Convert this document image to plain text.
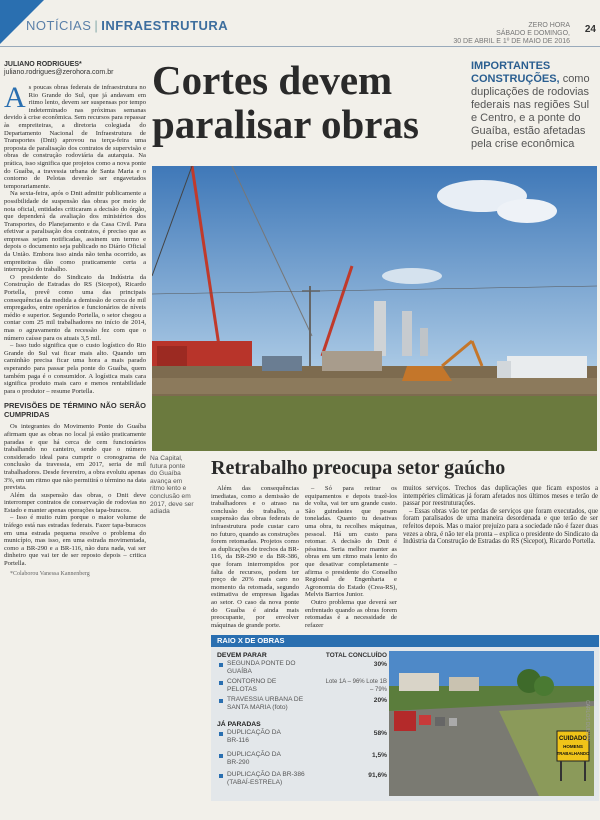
NOTÍCIAS | INFRAESTRUTURA	ZERO HORA
SÁBADO E DOMINGO,
30 DE ABRIL E 1º DE MAIO DE 2016
24
JULIANO RODRIGUES*
juliano.rodrigues@zerohora.com.br Cortes devem paralisar obras
IMPORTANTES CONSTRUÇÕES, como duplicações de rodovias federais nas regiões Sul e Centro, e a ponte do Guaíba, estão afetadas pela crise econômica
A s poucas obras federais de infraestrutura no Rio Grande do Sul, que já andavam em ritmo lento, devem ser suspensas por tempo indeterminado nas próximas semanas devido à crise econômica. Sem recursos para repassar às empreiteiras, a diretoria colegiada do Departamento Nacional de Infraestrutura de Transportes (Dnit) aprovou na terça-feira uma proposta de paralisação dos contratos de supervisão e obras de construção rodoviária da autarquia. Na prática, isso significa que projetos como a nova ponte do Guaíba, a travessia urbana de Santa Maria e o contorno de Pelotas deverão ser engavetados temporariamente.

Na sexta-feira, após o Dnit admitir publicamente a possibilidade de suspensão das obras por meio de nota oficial, entidades criticaram a decisão do órgão, que dependerá da avaliação dos ministérios dos Transportes, do Planejamento e da Casa Civil. Para efetivar a paralisação dos contratos, é preciso que as empresas sejam notificadas, assinem um termo e depois o documento seja publicado no Diário Oficial da União. Embora isso ainda não tenha ocorrido, as empreiteiras dão como praticamente certa a interrupção do trabalho.

O presidente do Sindicato da Indústria da Construção de Estradas do RS (Sicepot), Ricardo Portella, prevê como uma das principais consequências da medida a demissão de cerca de mil empregados, entre operários e funcionários de níveis médio e superior. Segundo Portella, o setor chegou a contar com 25 mil trabalhadores no início de 2014, mas o agravamento da recessão fez com que o número caísse para os atuais 3,5 mil.

– Isso tudo significa que o custo logístico do Rio Grande do Sul vai ficar mais alto. Quando um caminhão precisa ficar uma hora a mais parado esperando para passar pela ponte do Guaíba, quem também paga é o consumidor. A logística mais cara significa produto mais caro e menos rentabilidade para o produtor – resume Portella.

PREVISÕES DE TÉRMINO NÃO SERÃO CUMPRIDAS

Os integrantes do Movimento Ponte do Guaíba afirmam que as obras no local já estão praticamente paradas e que há cerca de cem funcionários trabalhando no canteiro, sendo que o número considerado ideal para cumprir o cronograma de conclusão da travessia, em 2017, seria de mil trabalhadores. Desde fevereiro, a obra evoluiu apenas 3%, em um ritmo que não permitirá o término na data prevista.

Além da suspensão das obras, o Dnit deve interromper contratos de conservação de rodovias no Estado e manter apenas operações tapa-buracos.

– Isso é muito ruim porque o maior volume de tráfego está nas estradas federais. Fazer tapa-buracos em uma estrada pequena resolve o problema do município, mas isso, em uma estrada movimentada, como a BR-290 e a BR-116, não dura nada, vai ser dinheiro que vai ter de ser reposto depois – critica Portella.

*Colaborou Vanessa Kannenberg

Na Capital, futura ponte do Guaíba avança em ritmo lento e conclusão em 2017, deve ser adiada
Retrabalho preocupa setor gaúcho

Além das consequências imediatas, como a demissão de trabalhadores e o atraso na conclusão do trabalho, a suspensão das obras federais de infraestrutura pode custar caro no futuro, quando as construções forem retomadas. Projetos como as duplicações de trechos da BR-116, da BR-290 e da BR-386, que foram interrompidos por falta de recursos, podem ter preço de 20% mais caro no momento da retomada, segundo estimativa de empresas ligadas ao setor. O caso da nova ponte do Guaíba é ainda mais preocupante, por envolver máquinas de grande porte.

– Só para retirar os equipamentos e depois trazê-los de volta, vai ter um grande custo. São guindastes que pesam toneladas. Quanto tu desativas uma obra, tu recolhes máquinas, pessoal. Há um custo para retomar. A decisão do Dnit é péssima. Seria melhor manter as obras em um ritmo mais lento do que desativar completamente – afirma o presidente do Conselho Regional de Engenharia e Agronomia do Estado (Crea-RS), Melvis Barrios Junior.

Outro problema que deverá ser enfrentado quando as obras forem retomadas é a necessidade de refazer

muitos serviços. Trechos das duplicações que ficam expostos a intempéries climáticas já foram afetados nos últimos meses e terão de passar por reestruturações.

– Essas obras vão ter perdas de serviços que foram executados, que foram paralisados de uma maneira desordenada e que terão de ser refeitos depois. Mas o maior prejuízo para a sociedade não é fazer duas vezes a obra, é não ter ela pronta – explica o presidente do Sindicato da Indústria da Construção de Estradas do RS (Sicepot), Ricardo Portella.

RAIO X DE OBRAS
DEVEM PARAR	TOTAL CONCLUÍDO
SEGUNDA PONTE DO GUAÍBA
30%
CONTORNO DE PELOTAS
Lote 1A – 96% Lote 1B – 79%
TRAVESSIA URBANA DE SANTA MARIA (foto)
20%
JÁ PARADAS
DUPLICAÇÃO DA BR-116
58%
DUPLICAÇÃO DA BR-290
1,5%
DUPLICAÇÃO DA BR-386 (TABAÍ-ESTRELA)
91,6%
CUIDADO
HOMENS
TRABALHANDO
CARLOS DUBOIS
